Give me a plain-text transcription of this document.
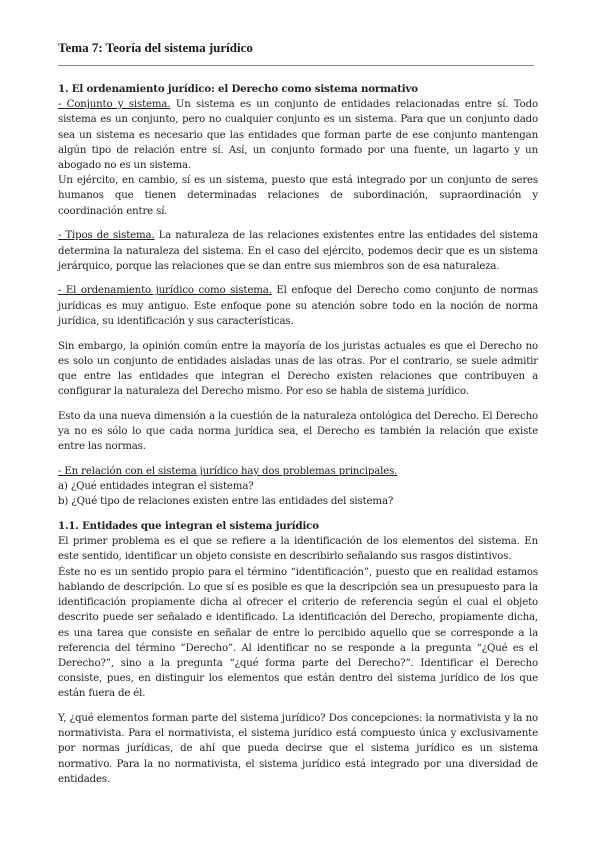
Tema 7: Teoría del sistema jurídico
1. El ordenamiento jurídico: el Derecho como sistema normativo

- Conjunto y sistema. Un sistema es un conjunto de entidades relacionadas entre sí. Todo sistema es un conjunto, pero no cualquier conjunto es un sistema. Para que un conjunto dado sea un sistema es necesario que las entidades que forman parte de ese conjunto mantengan algún tipo de relación entre sí. Así, un conjunto formado por una fuente, un lagarto y un abogado no es un sistema.

Un ejército, en cambio, sí es un sistema, puesto que está integrado por un conjunto de seres humanos que tienen determinadas relaciones de subordinación, supraordinación y coordinación entre sí.

- Tipos de sistema. La naturaleza de las relaciones existentes entre las entidades del sistema determina la naturaleza del sistema. En el caso del ejército, podemos decir que es un sistema jerárquico, porque las relaciones que se dan entre sus miembros son de esa naturaleza.

- El ordenamiento jurídico como sistema. El enfoque del Derecho como conjunto de normas jurídicas es muy antiguo. Este enfoque pone su atención sobre todo en la noción de norma jurídica, su identificación y sus características.

Sin embargo, la opinión común entre la mayoría de los juristas actuales es que el Derecho no es solo un conjunto de entidades aisladas unas de las otras. Por el contrario, se suele admitir que entre las entidades que integran el Derecho existen relaciones que contribuyen a configurar la naturaleza del Derecho mismo. Por eso se habla de sistema jurídico.

Esto da una nueva dimensión a la cuestión de la naturaleza ontológica del Derecho. El Derecho ya no es sólo lo que cada norma jurídica sea, el Derecho es también la relación que existe entre las normas.

- En relación con el sistema jurídico hay dos problemas principales.
a) ¿Qué entidades integran el sistema?
b) ¿Qué tipo de relaciones existen entre las entidades del sistema?

1.1. Entidades que integran el sistema jurídico

El primer problema es el que se refiere a la identificación de los elementos del sistema. En este sentido, identificar un objeto consiste en describirlo señalando sus rasgos distintivos.

Éste no es un sentido propio para el término “identificación”, puesto que en realidad estamos hablando de descripción. Lo que sí es posible es que la descripción sea un presupuesto para la identificación propiamente dicha al ofrecer el criterio de referencia según el cual el objeto descrito puede ser señalado e identificado. La identificación del Derecho, propiamente dicha, es una tarea que consiste en señalar de entre lo percibido aquello que se corresponde a la referencia del término “Derecho”. Al identificar no se responde a la pregunta “¿Qué es el Derecho?”, sino a la pregunta “¿qué forma parte del Derecho?”. Identificar el Derecho consiste, pues, en distinguir los elementos que están dentro del sistema jurídico de los que están fuera de él.

Y, ¿qué elementos forman parte del sistema jurídico? Dos concepciones: la normativista y la no normativista. Para el normativista, el sistema jurídico está compuesto única y exclusivamente por normas jurídicas, de ahí que pueda decirse que el sistema jurídico es un sistema normativo. Para la no normativista, el sistema jurídico está integrado por una diversidad de entidades.
